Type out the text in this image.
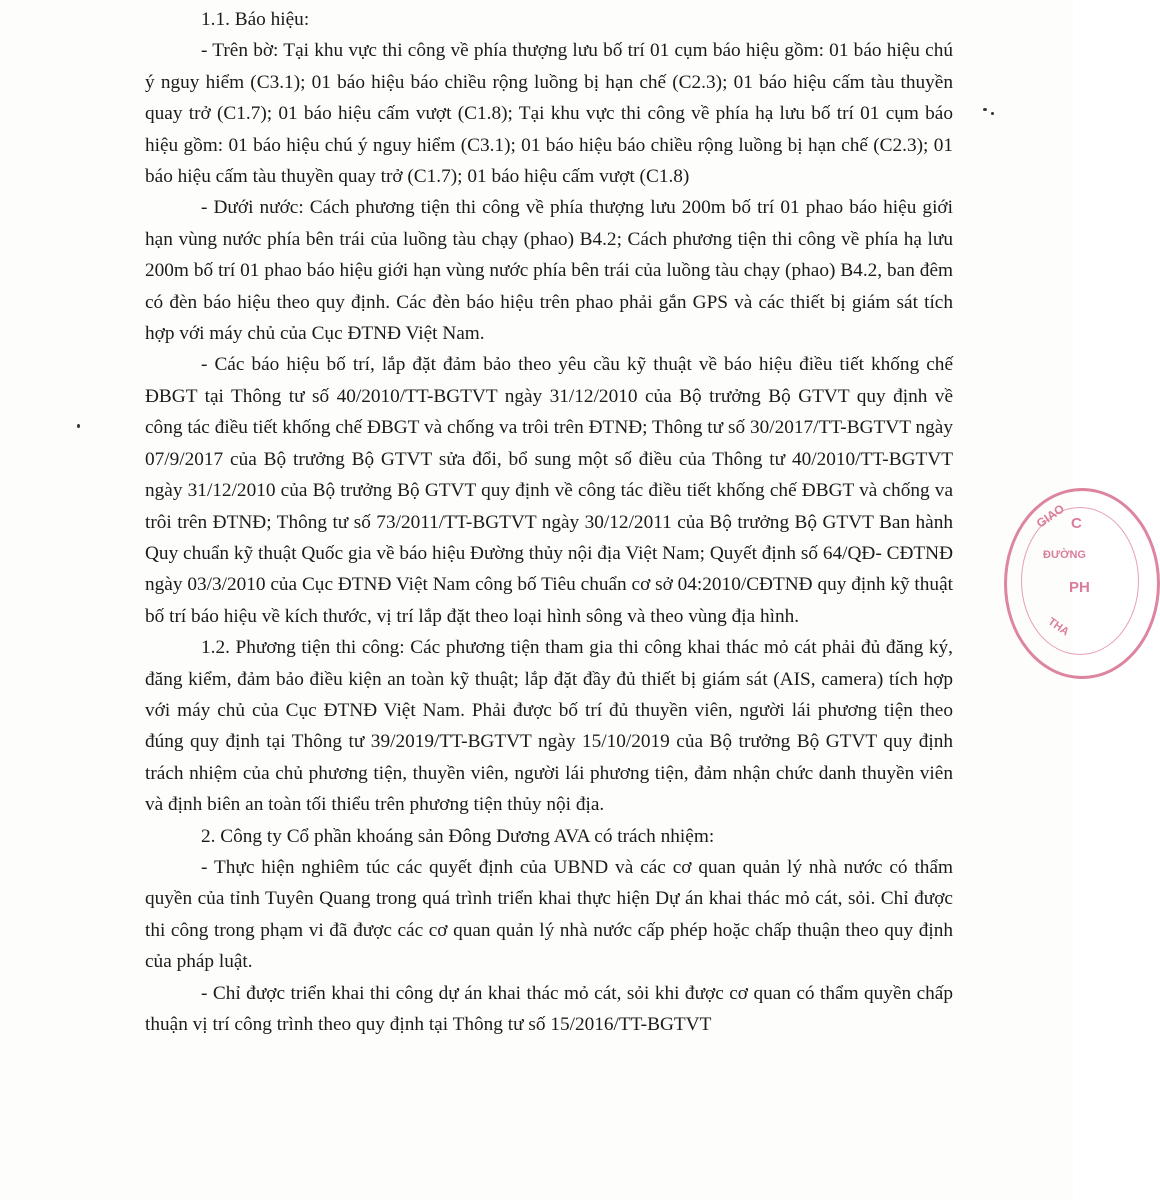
1.1. Báo hiệu:

- Trên bờ: Tại khu vực thi công về phía thượng lưu bố trí 01 cụm báo hiệu gồm: 01 báo hiệu chú ý nguy hiểm (C3.1); 01 báo hiệu báo chiều rộng luồng bị hạn chế (C2.3); 01 báo hiệu cấm tàu thuyền quay trở (C1.7); 01 báo hiệu cấm vượt (C1.8); Tại khu vực thi công về phía hạ lưu bố trí 01 cụm báo hiệu gồm: 01 báo hiệu chú ý nguy hiểm (C3.1); 01 báo hiệu báo chiều rộng luồng bị hạn chế (C2.3); 01 báo hiệu cấm tàu thuyền quay trở (C1.7); 01 báo hiệu cấm vượt (C1.8)

- Dưới nước: Cách phương tiện thi công về phía thượng lưu 200m bố trí 01 phao báo hiệu giới hạn vùng nước phía bên trái của luồng tàu chạy (phao) B4.2; Cách phương tiện thi công về phía hạ lưu 200m bố trí 01 phao báo hiệu giới hạn vùng nước phía bên trái của luồng tàu chạy (phao) B4.2, ban đêm có đèn báo hiệu theo quy định. Các đèn báo hiệu trên phao phải gắn GPS và các thiết bị giám sát tích hợp với máy chủ của Cục ĐTNĐ Việt Nam.

- Các báo hiệu bố trí, lắp đặt đảm bảo theo yêu cầu kỹ thuật về báo hiệu điều tiết khống chế ĐBGT tại Thông tư số 40/2010/TT-BGTVT ngày 31/12/2010 của Bộ trưởng Bộ GTVT quy định về công tác điều tiết khống chế ĐBGT và chống va trôi trên ĐTNĐ; Thông tư số 30/2017/TT-BGTVT ngày 07/9/2017 của Bộ trưởng Bộ GTVT sửa đổi, bổ sung một số điều của Thông tư 40/2010/TT-BGTVT ngày 31/12/2010 của Bộ trưởng Bộ GTVT quy định về công tác điều tiết khống chế ĐBGT và chống va trôi trên ĐTNĐ; Thông tư số 73/2011/TT-BGTVT ngày 30/12/2011 của Bộ trưởng Bộ GTVT Ban hành Quy chuẩn kỹ thuật Quốc gia về báo hiệu Đường thủy nội địa Việt Nam; Quyết định số 64/QĐ- CĐTNĐ ngày 03/3/2010 của Cục ĐTNĐ Việt Nam công bố Tiêu chuẩn cơ sở 04:2010/CĐTNĐ quy định kỹ thuật bố trí báo hiệu về kích thước, vị trí lắp đặt theo loại hình sông và theo vùng địa hình.

1.2. Phương tiện thi công: Các phương tiện tham gia thi công khai thác mỏ cát phải đủ đăng ký, đăng kiểm, đảm bảo điều kiện an toàn kỹ thuật; lắp đặt đầy đủ thiết bị giám sát (AIS, camera) tích hợp với máy chủ của Cục ĐTNĐ Việt Nam. Phải được bố trí đủ thuyền viên, người lái phương tiện theo đúng quy định tại Thông tư 39/2019/TT-BGTVT ngày 15/10/2019 của Bộ trưởng Bộ GTVT quy định trách nhiệm của chủ phương tiện, thuyền viên, người lái phương tiện, đảm nhận chức danh thuyền viên và định biên an toàn tối thiểu trên phương tiện thủy nội địa.

2. Công ty Cổ phần khoáng sản Đông Dương AVA có trách nhiệm:

- Thực hiện nghiêm túc các quyết định của UBND và các cơ quan quản lý nhà nước có thẩm quyền của tỉnh Tuyên Quang trong quá trình triển khai thực hiện Dự án khai thác mỏ cát, sỏi. Chỉ được thi công trong phạm vi đã được các cơ quan quản lý nhà nước cấp phép hoặc chấp thuận theo quy định của pháp luật.

- Chỉ được triển khai thi công dự án khai thác mỏ cát, sỏi khi được cơ quan có thẩm quyền chấp thuận vị trí công trình theo quy định tại Thông tư số 15/2016/TT-BGTVT

GIAO C
ĐƯỜNG
PH
THA
